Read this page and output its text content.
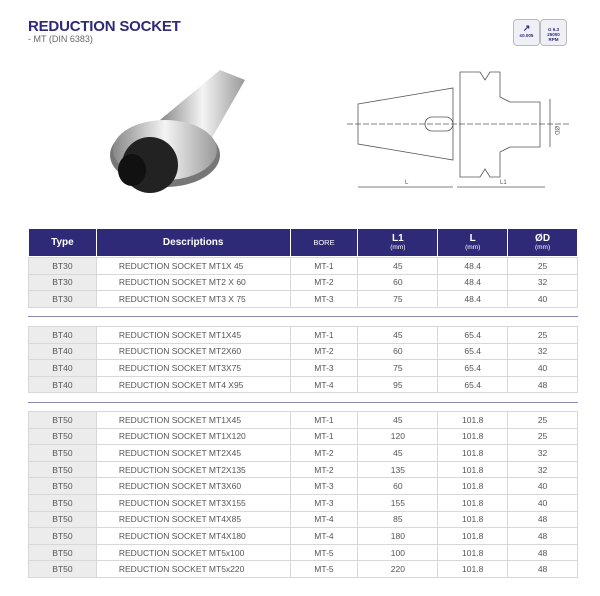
REDUCTION SOCKET
- MT (DIN 6383)
↗
≤0.005
G 6.3
25000
RPM
L	L1
ØD
Type	Descriptions	BORE	L1
(mm)
	L
(mm)
	ØD
(mm)
BT30	REDUCTION SOCKET MT1X 45	MT-1	45	48.4	25
BT30	REDUCTION SOCKET MT2 X 60	MT-2	60	48.4	32
BT30	REDUCTION SOCKET MT3 X 75	MT-3	75	48.4	40
BT40	REDUCTION SOCKET MT1X45	MT-1	45	65.4	25
BT40	REDUCTION SOCKET MT2X60	MT-2	60	65.4	32
BT40	REDUCTION SOCKET MT3X75	MT-3	75	65.4	40
BT40	REDUCTION SOCKET MT4 X95	MT-4	95	65.4	48
BT50	REDUCTION SOCKET MT1X45	MT-1	45	101.8	25
BT50	REDUCTION SOCKET MT1X120	MT-1	120	101.8	25
BT50	REDUCTION SOCKET MT2X45	MT-2	45	101.8	32
BT50	REDUCTION SOCKET MT2X135	MT-2	135	101.8	32
BT50	REDUCTION SOCKET MT3X60	MT-3	60	101.8	40
BT50	REDUCTION SOCKET MT3X155	MT-3	155	101.8	40
BT50	REDUCTION SOCKET MT4X85	MT-4	85	101.8	48
BT50	REDUCTION SOCKET MT4X180	MT-4	180	101.8	48
BT50	REDUCTION SOCKET MT5x100	MT-5	100	101.8	48
BT50	REDUCTION SOCKET MT5x220	MT-5	220	101.8	48
